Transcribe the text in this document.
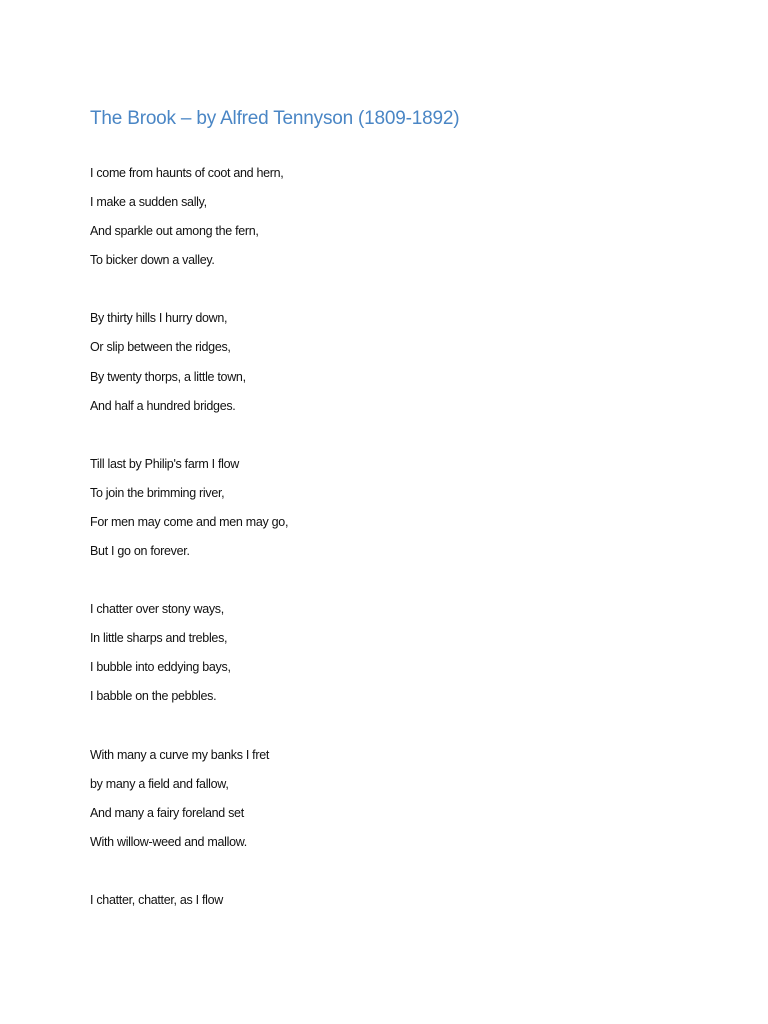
The Brook – by Alfred Tennyson (1809-1892)
I come from haunts of coot and hern,
I make a sudden sally,
And sparkle out among the fern,
To bicker down a valley.
By thirty hills I hurry down,
Or slip between the ridges,
By twenty thorps, a little town,
And half a hundred bridges.
Till last by Philip's farm I flow
To join the brimming river,
For men may come and men may go,
But I go on forever.
I chatter over stony ways,
In little sharps and trebles,
I bubble into eddying bays,
I babble on the pebbles.
With many a curve my banks I fret
by many a field and fallow,
And many a fairy foreland set
With willow-weed and mallow.
I chatter, chatter, as I flow
